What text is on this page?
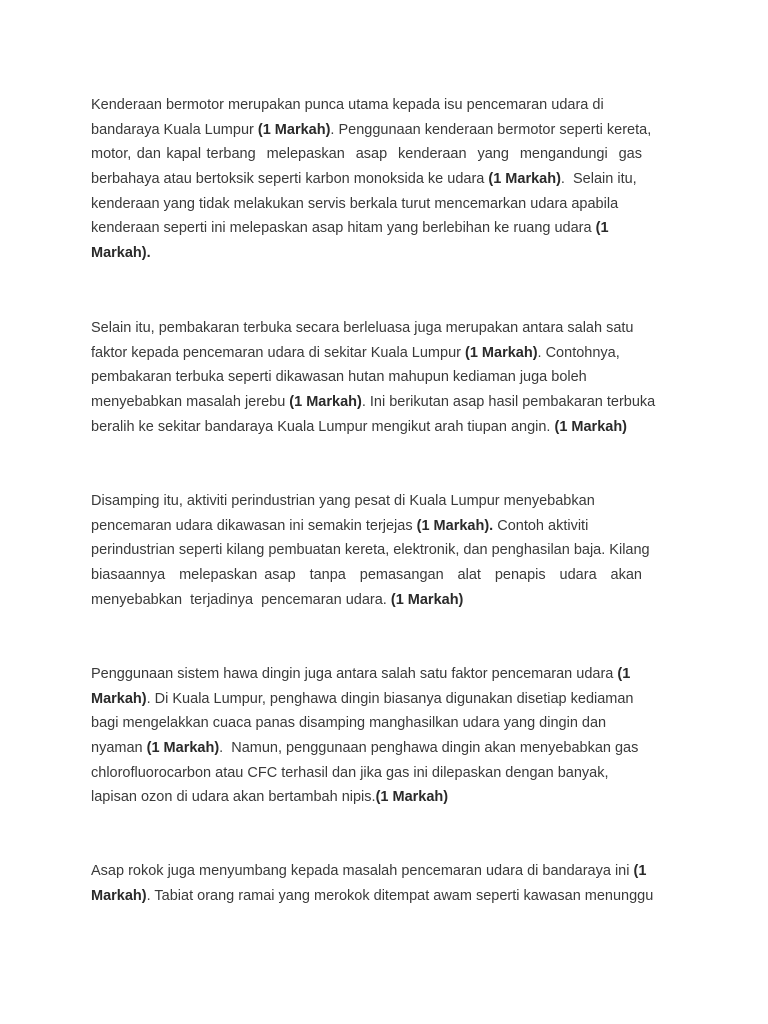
Kenderaan bermotor merupakan punca utama kepada isu pencemaran udara di
bandaraya Kuala Lumpur (1 Markah). Penggunaan kenderaan bermotor seperti kereta,
motor, dan kapal terbang  melepaskan  asap  kenderaan  yang  mengandungi  gas
berbahaya atau bertoksik seperti karbon monoksida ke udara (1 Markah).  Selain itu,
kenderaan yang tidak melakukan servis berkala turut mencemarkan udara apabila
kenderaan seperti ini melepaskan asap hitam yang berlebihan ke ruang udara (1
Markah).
Selain itu, pembakaran terbuka secara berleluasa juga merupakan antara salah satu
faktor kepada pencemaran udara di sekitar Kuala Lumpur (1 Markah). Contohnya,
pembakaran terbuka seperti dikawasan hutan mahupun kediaman juga boleh
menyebabkan masalah jerebu (1 Markah). Ini berikutan asap hasil pembakaran terbuka
beralih ke sekitar bandaraya Kuala Lumpur mengikut arah tiupan angin. (1 Markah)
Disamping itu, aktiviti perindustrian yang pesat di Kuala Lumpur menyebabkan
pencemaran udara dikawasan ini semakin terjejas (1 Markah). Contoh aktiviti
perindustrian seperti kilang pembuatan kereta, elektronik, dan penghasilan baja. Kilang
biasaannya  melepaskan asap  tanpa  pemasangan  alat  penapis  udara  akan
menyebabkan  terjadinya  pencemaran udara. (1 Markah)
Penggunaan sistem hawa dingin juga antara salah satu faktor pencemaran udara (1
Markah). Di Kuala Lumpur, penghawa dingin biasanya digunakan disetiap kediaman
bagi mengelakkan cuaca panas disamping manghasilkan udara yang dingin dan
nyaman (1 Markah).  Namun, penggunaan penghawa dingin akan menyebabkan gas
chlorofluorocarbon atau CFC terhasil dan jika gas ini dilepaskan dengan banyak,
lapisan ozon di udara akan bertambah nipis.(1 Markah)
Asap rokok juga menyumbang kepada masalah pencemaran udara di bandaraya ini (1
Markah). Tabiat orang ramai yang merokok ditempat awam seperti kawasan menunggu
